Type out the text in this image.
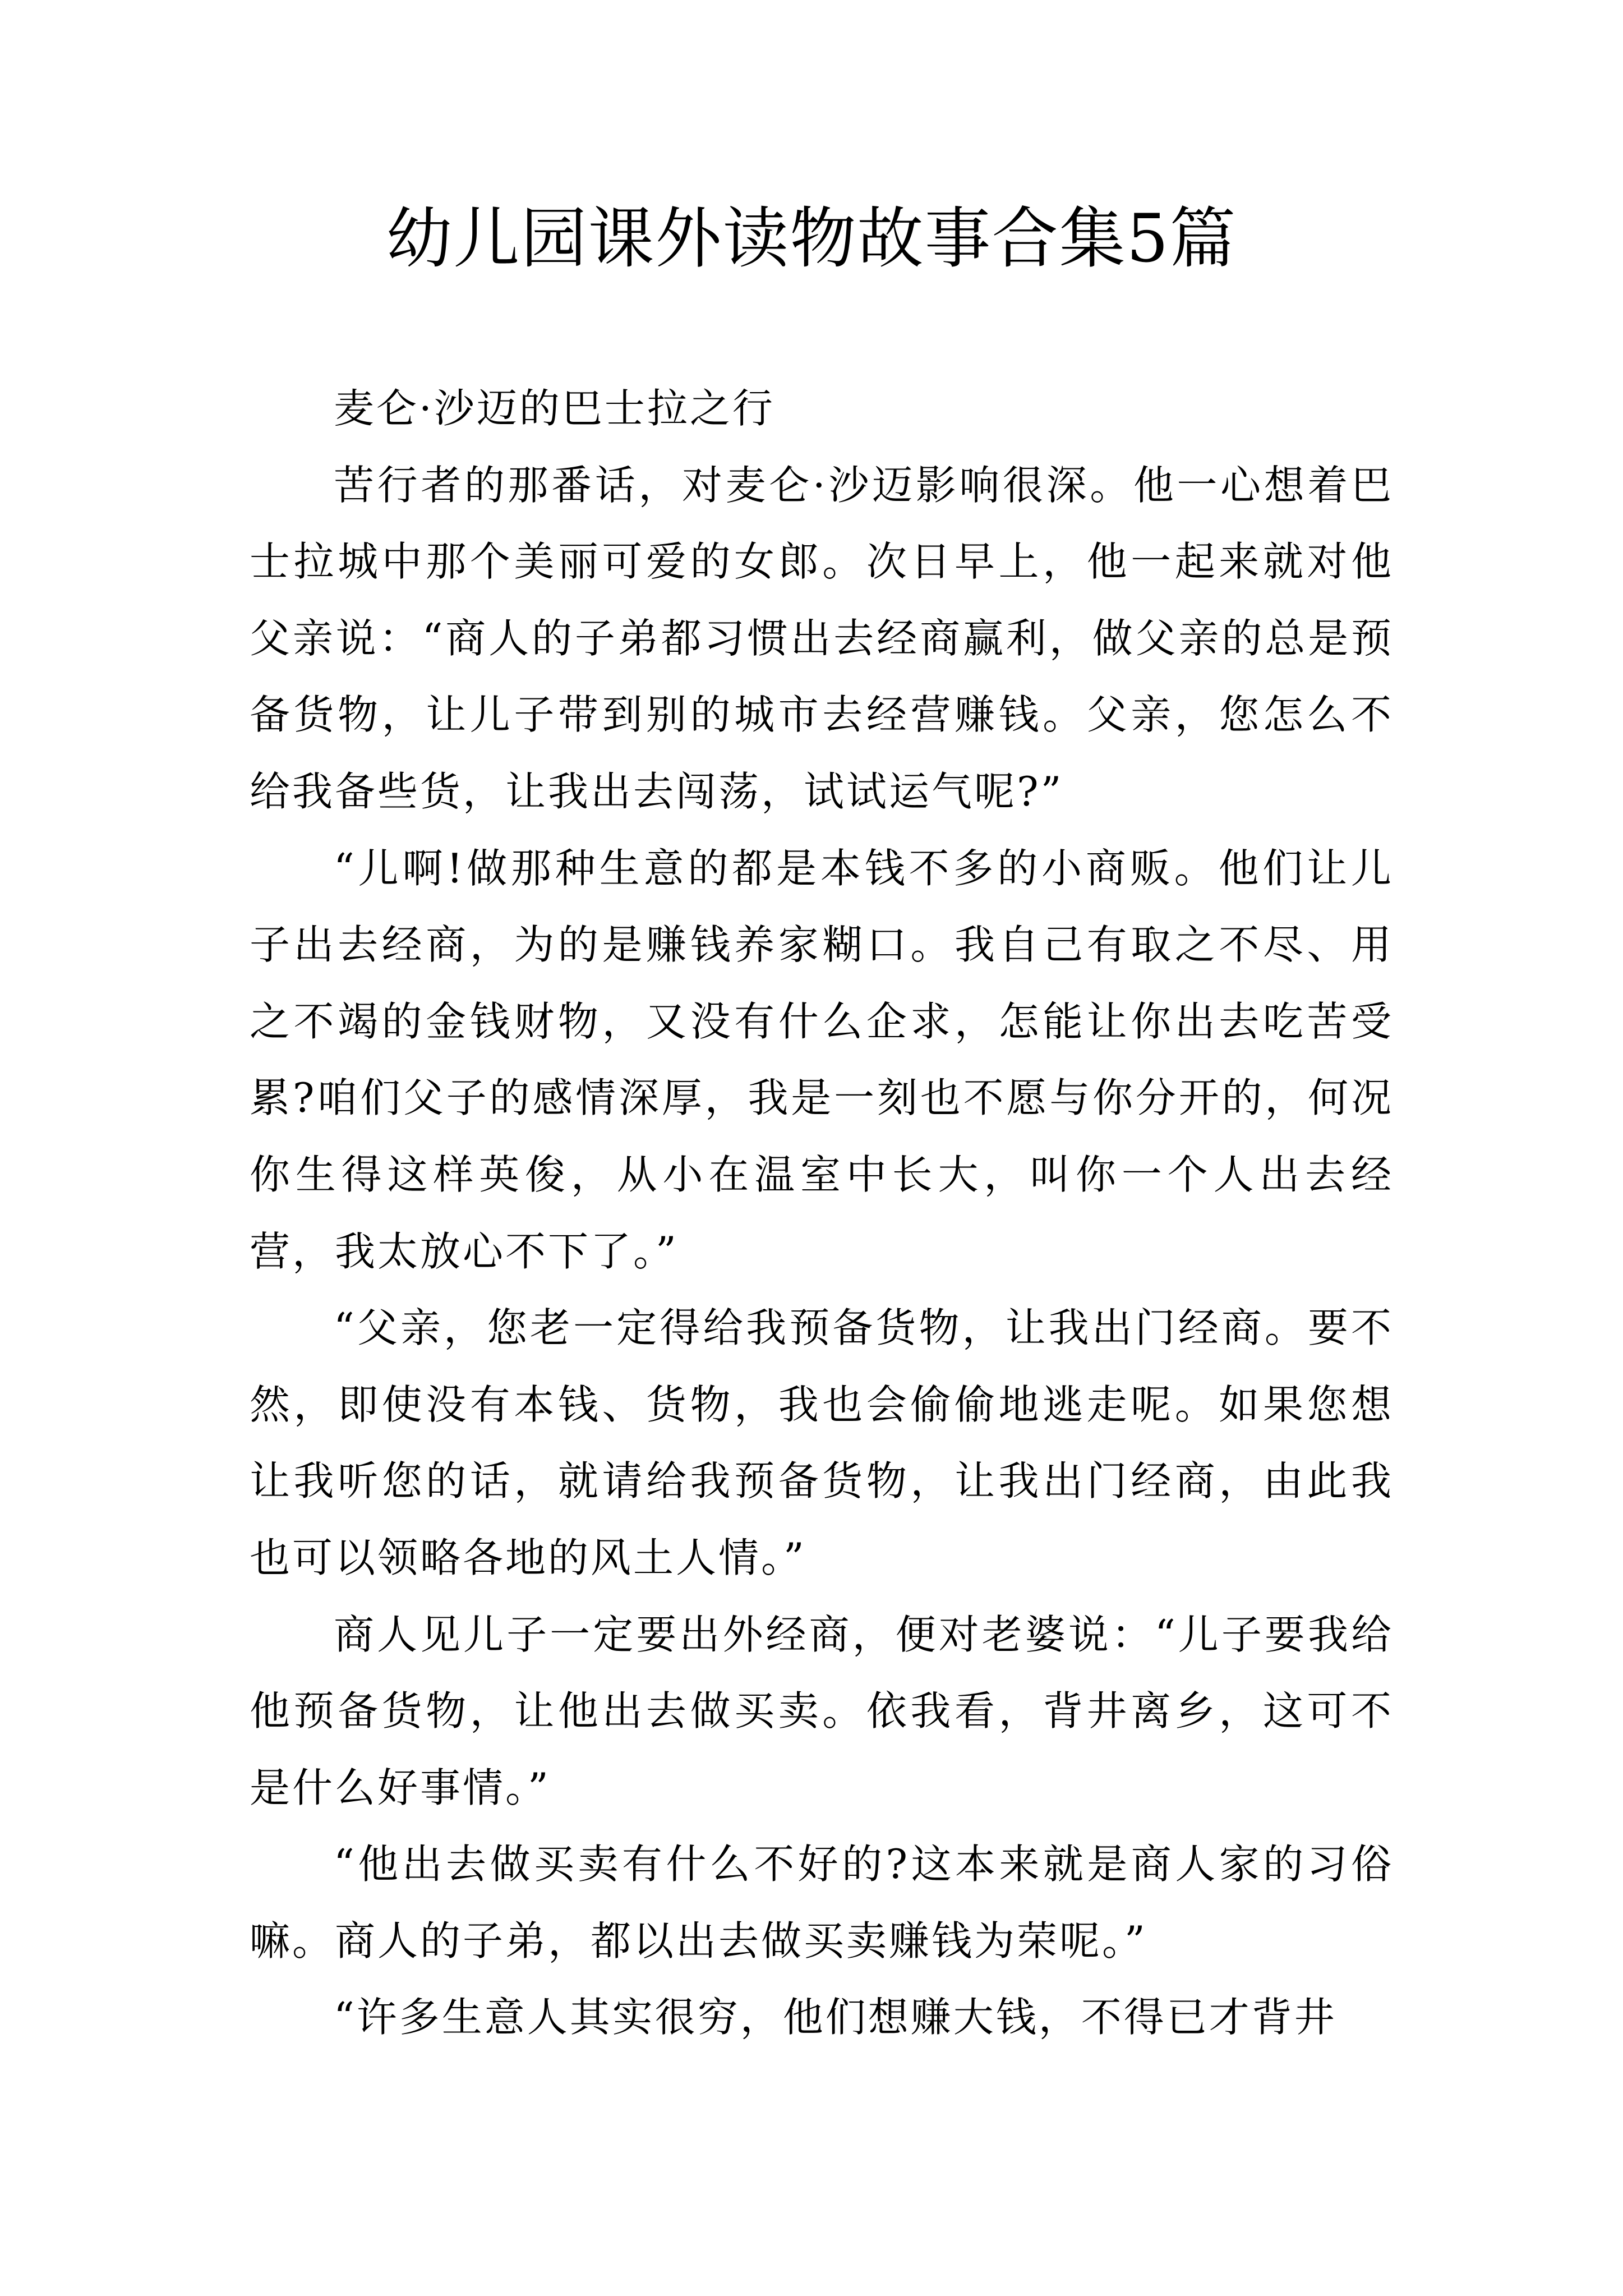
幼儿园课外读物故事合集5篇

麦仑·沙迈的巴士拉之行

苦行者的那番话，对麦仑·沙迈影响很深。他一心想着巴士拉城中那个美丽可爱的女郎。次日早上，他一起来就对他父亲说：“商人的子弟都习惯出去经商赢利，做父亲的总是预备货物，让儿子带到别的城市去经营赚钱。父亲，您怎么不给我备些货，让我出去闯荡，试试运气呢?”

“儿啊!做那种生意的都是本钱不多的小商贩。他们让儿子出去经商，为的是赚钱养家糊口。我自己有取之不尽、用之不竭的金钱财物，又没有什么企求，怎能让你出去吃苦受累?咱们父子的感情深厚，我是一刻也不愿与你分开的，何况你生得这样英俊，从小在温室中长大，叫你一个人出去经营，我太放心不下了。”

“父亲，您老一定得给我预备货物，让我出门经商。要不然，即使没有本钱、货物，我也会偷偷地逃走呢。如果您想让我听您的话，就请给我预备货物，让我出门经商，由此我也可以领略各地的风土人情。”

商人见儿子一定要出外经商，便对老婆说：“儿子要我给他预备货物，让他出去做买卖。依我看，背井离乡，这可不是什么好事情。”

“他出去做买卖有什么不好的?这本来就是商人家的习俗嘛。商人的子弟，都以出去做买卖赚钱为荣呢。”

“许多生意人其实很穷，他们想赚大钱，不得已才背井
